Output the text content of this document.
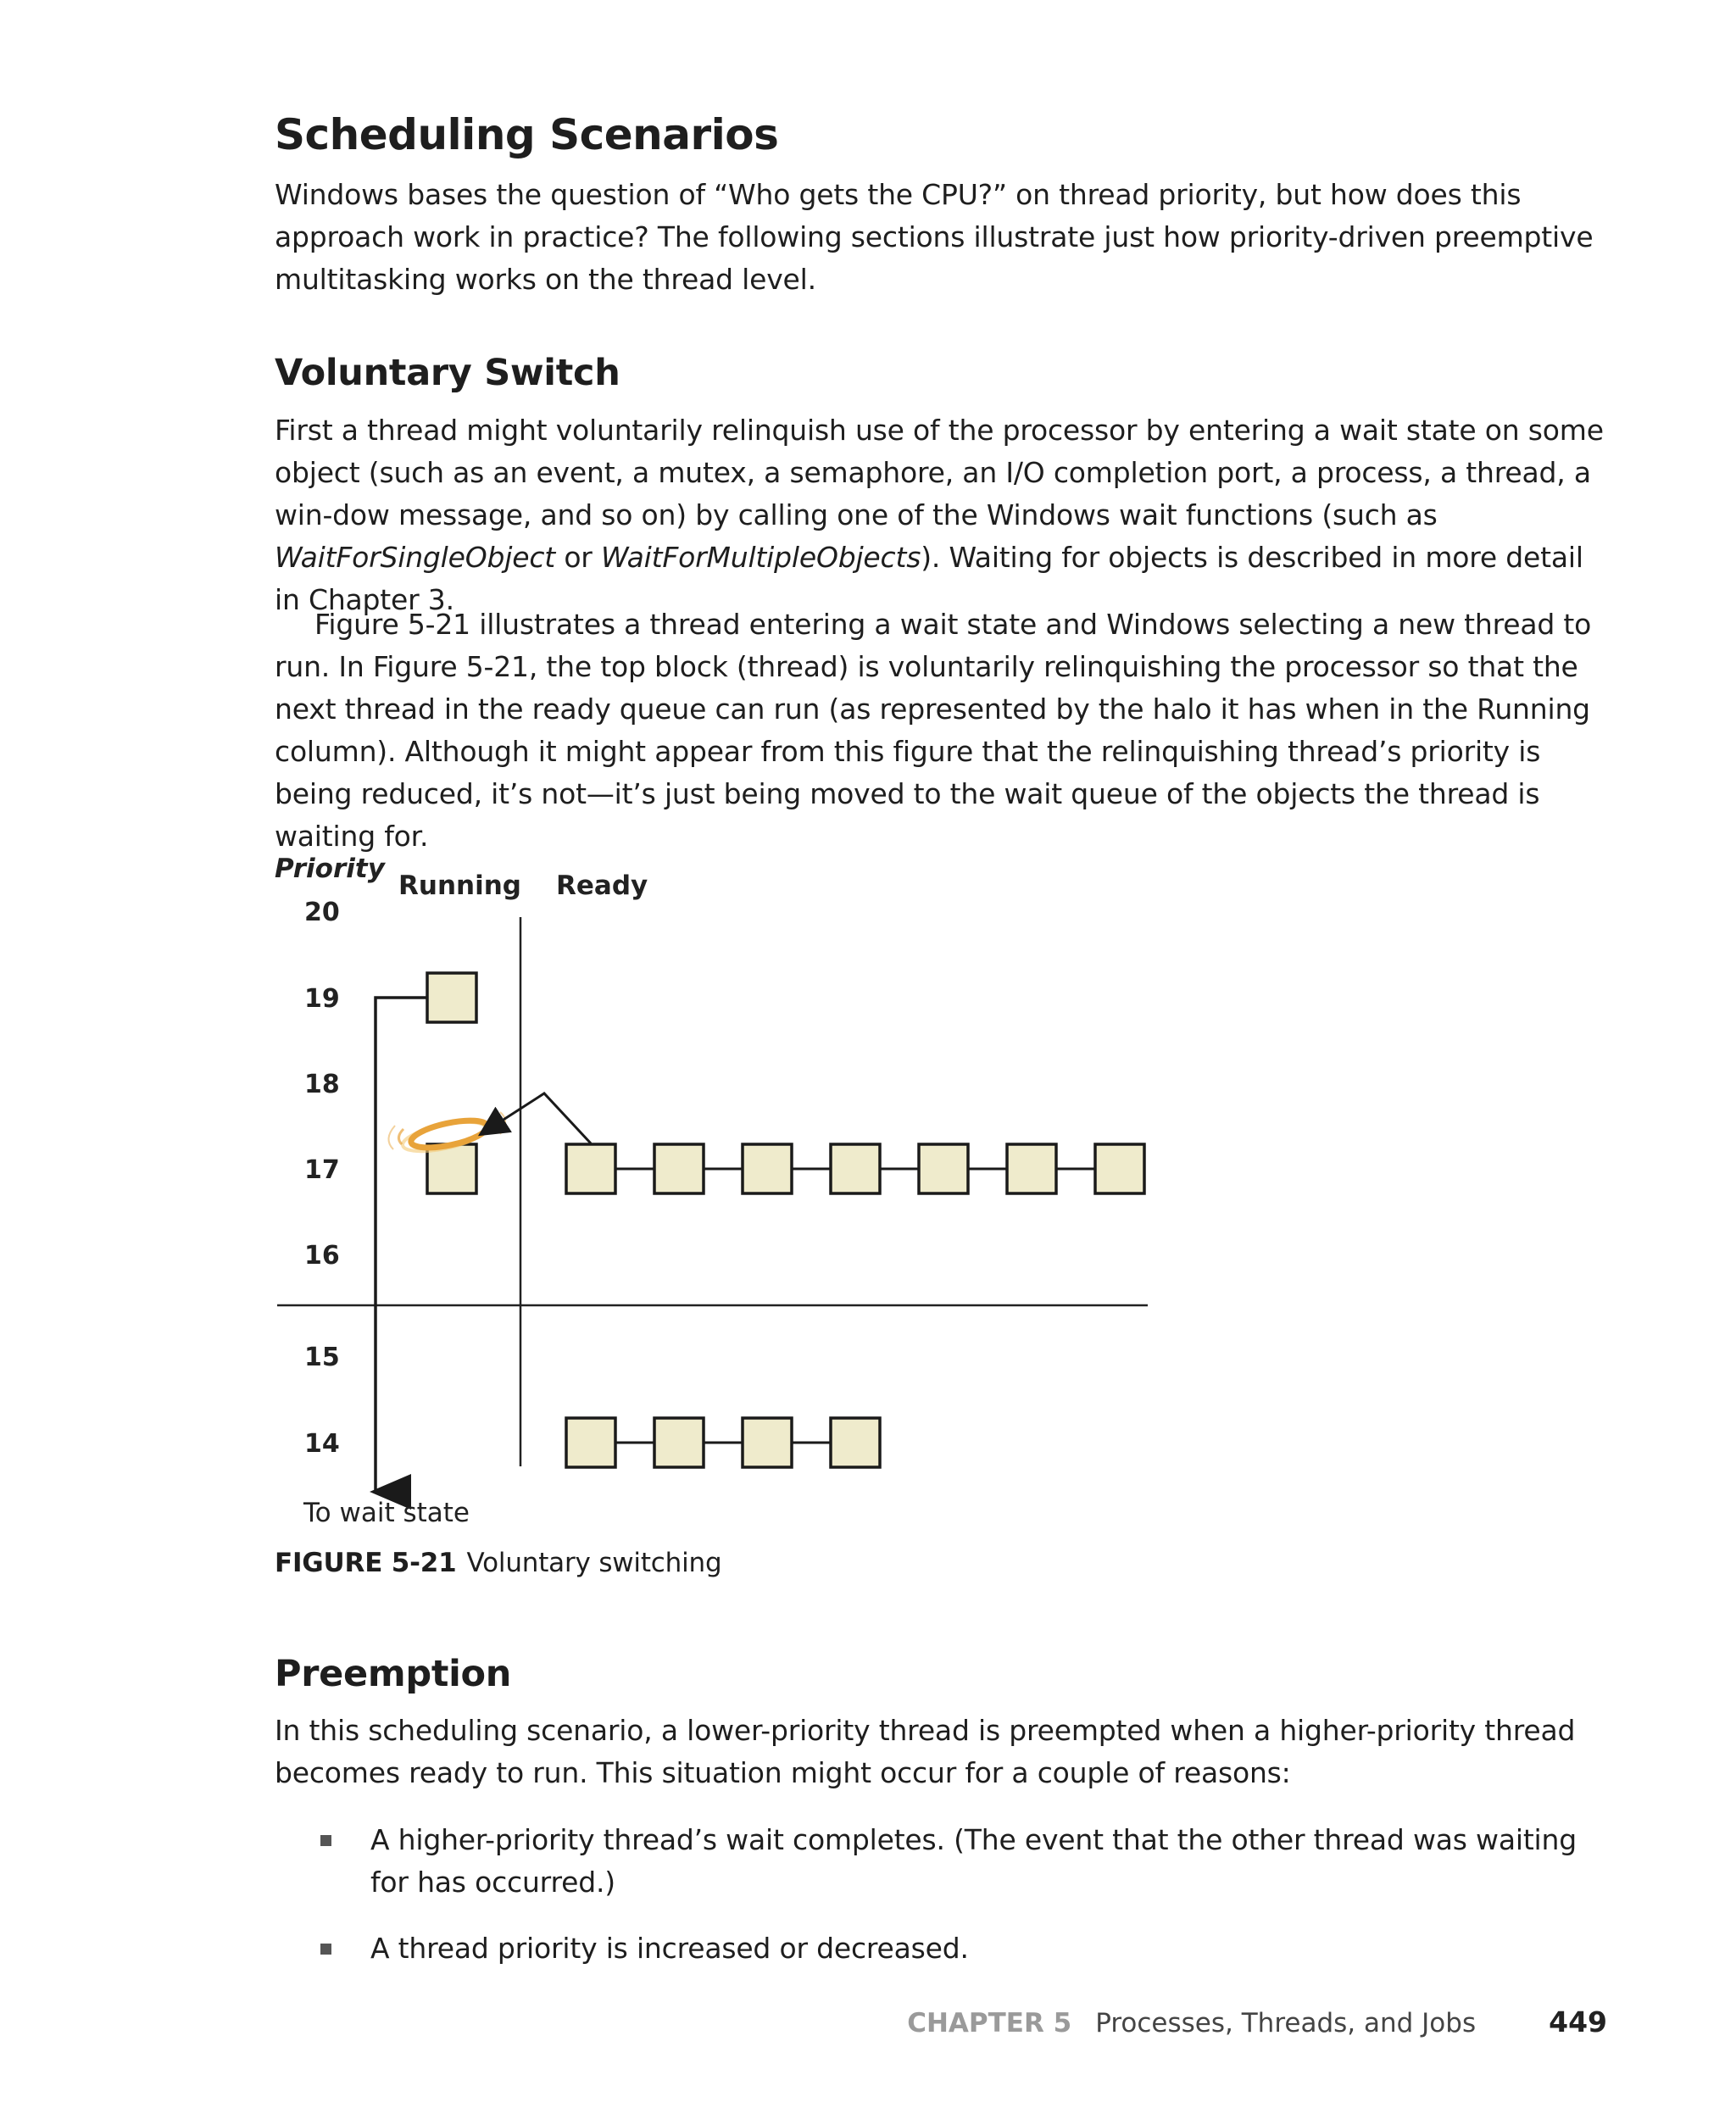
Scheduling Scenarios

Windows bases the question of “Who gets the CPU?” on thread priority, but how does this approach work in practice? The following sections illustrate just how priority-driven preemptive multitasking works on the thread level.

Voluntary Switch

First a thread might voluntarily relinquish use of the processor by entering a wait state on some object (such as an event, a mutex, a semaphore, an I/O completion port, a process, a thread, a win-dow message, and so on) by calling one of the Windows wait functions (such as WaitForSingleObject or WaitForMultipleObjects). Waiting for objects is described in more detail in Chapter 3.

Figure 5-21 illustrates a thread entering a wait state and Windows selecting a new thread to run. In Figure 5-21, the top block (thread) is voluntarily relinquishing the processor so that the next thread in the ready queue can run (as represented by the halo it has when in the Running column). Although it might appear from this figure that the relinquishing thread’s priority is being reduced, it’s not—it’s just being moved to the wait queue of the objects the thread is waiting for.

Priority
Running Ready
20
19
18
17
16
15
14
To wait state
FIGURE 5-21 Voluntary switching
Preemption

In this scheduling scenario, a lower-priority thread is preempted when a higher-priority thread becomes ready to run. This situation might occur for a couple of reasons:

A higher-priority thread’s wait completes. (The event that the other thread was waiting for has occurred.)
A thread priority is increased or decreased.
CHAPTER 5 Processes, Threads, and Jobs	449
